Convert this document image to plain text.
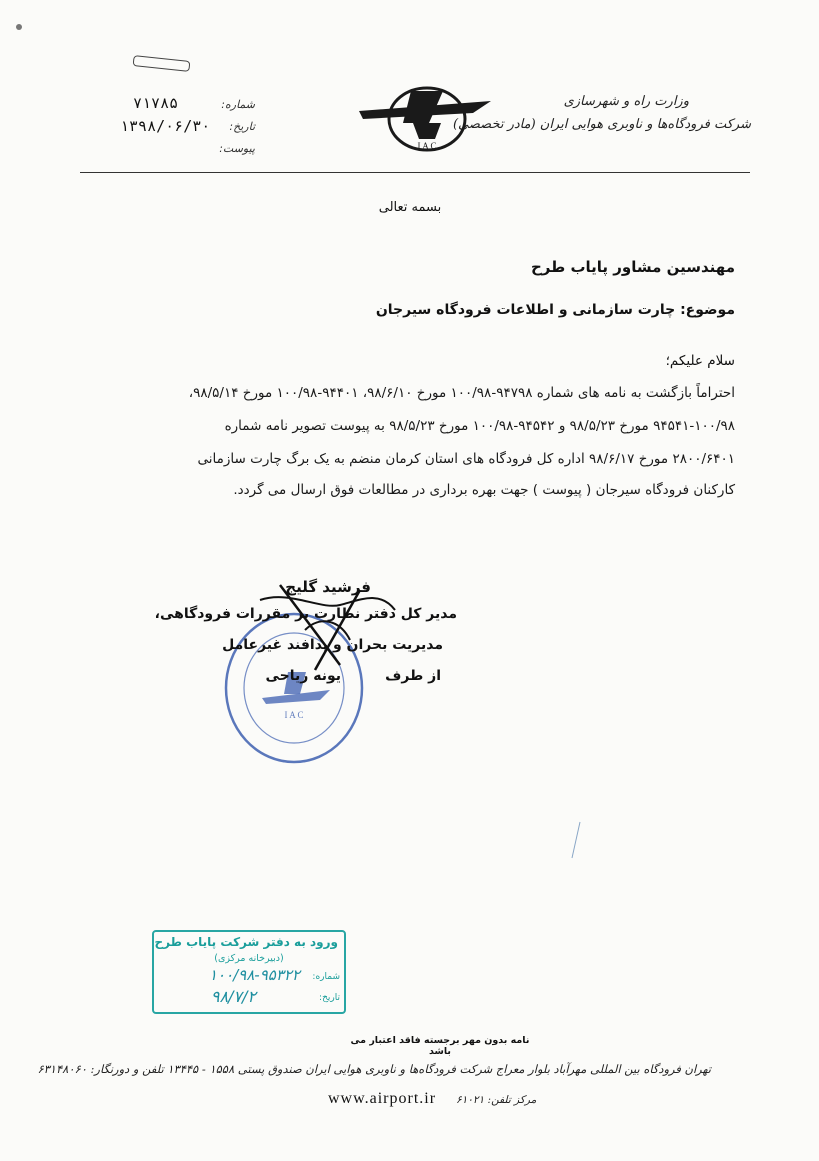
وزارت راه و شهرسازی
شرکت فرودگاه‌ها و ناوبری هوایی ایران (مادر تخصصی)
I A C
شماره:
۷۱۷۸۵
تاریخ:
۱۳۹۸/۰۶/۳۰
پیوست:
بسمه تعالی
مهندسین مشاور پایاب طرح
موضوع: چارت سازمانی و اطلاعات فرودگاه سیرجان
سلام علیکم؛
احتراماً بازگشت به نامه های شماره ۹۴۷۹۸-۱۰۰/۹۸ مورخ ۹۸/۶/۱۰، ۹۴۴۰۱-۱۰۰/۹۸ مورخ ۹۸/۵/۱۴،
۹۴۵۴۱-۱۰۰/۹۸ مورخ ۹۸/۵/۲۳ و ۹۴۵۴۲-۱۰۰/۹۸ مورخ ۹۸/۵/۲۳ به پیوست تصویر نامه شماره
۲۸۰۰/۶۴۰۱ مورخ ۹۸/۶/۱۷ اداره کل فرودگاه های استان کرمان منضم به یک برگ چارت سازمانی
کارکنان فرودگاه سیرجان ( پیوست ) جهت بهره برداری در مطالعات فوق ارسال می گردد.
I A C
فرشید گلیج
مدیر کل دفتر نظارت بر مقررات فرودگاهی،
مدیریت بحران و پدافند غیرعامل
از طرف
یونه ریاحی
ورود به دفتر شرکت پایاب طرح
(دبیرخانه مرکزی)
شماره:
۱۰۰/۹۸-۹۵۳۲۲
تاریخ:
۹۸/۷/۲
نامه بدون مهر برجسته فاقد اعتبار می باشد
تهران فرودگاه بین المللی مهرآباد بلوار معراج شرکت فرودگاه‌ها و ناوبری هوایی ایران صندوق پستی ۱۵۵۸ - ۱۳۴۴۵ تلفن و دورنگار: ۶۳۱۴۸۰۶۰
www.airport.ir مرکز تلفن: ۶۱۰۲۱
